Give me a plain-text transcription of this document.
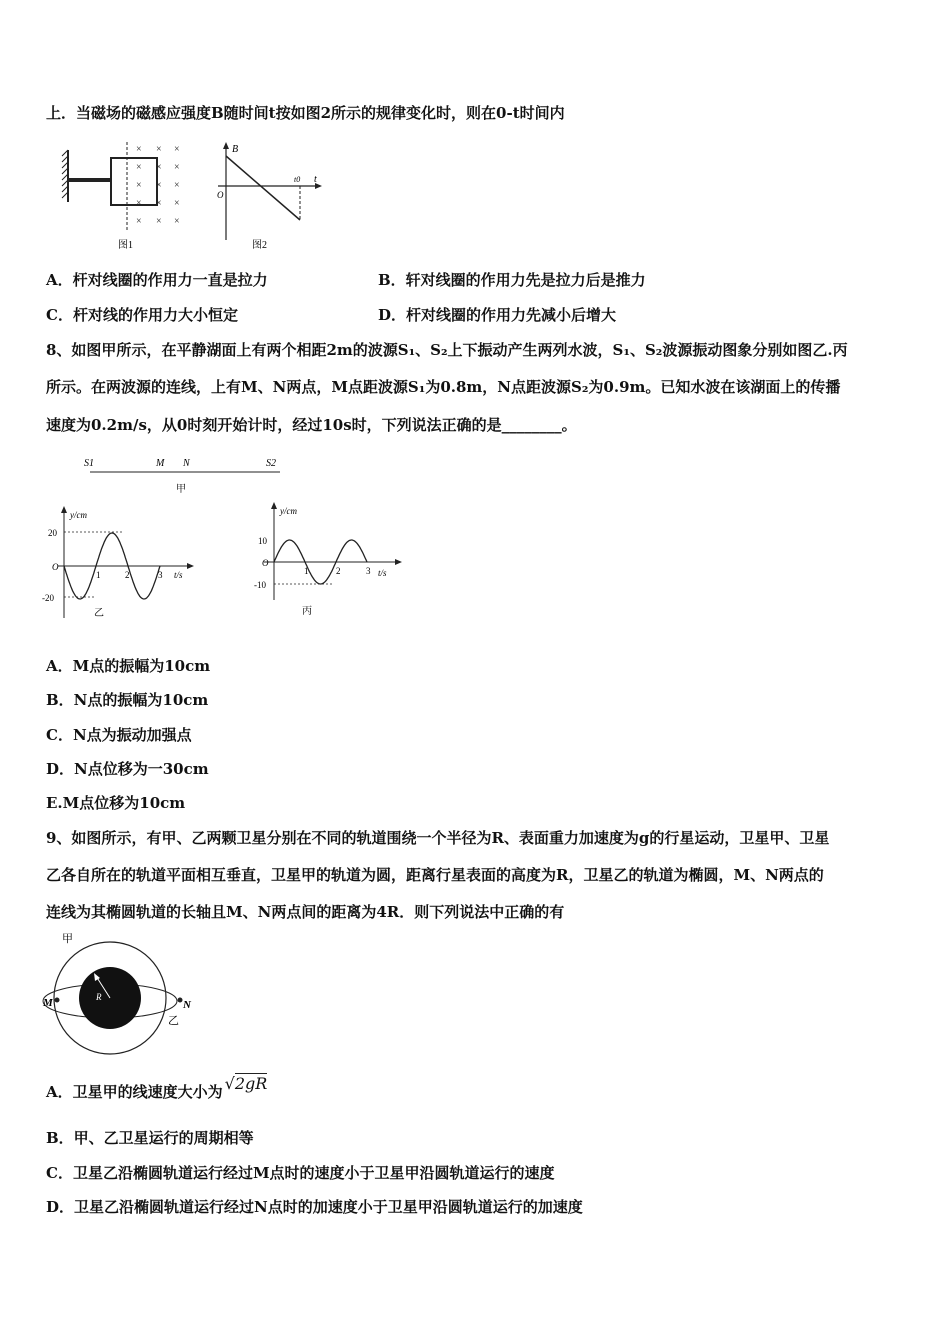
上．当磁场的磁感应强度B随时间t按如图2所示的规律变化时，则在0-t时间内
× × ×
× × ×
× × ×
× × ×
× × ×
图1
B
t
O
t0
图2
A．杆对线圈的作用力一直是拉力	B．轩对线圈的作用力先是拉力后是推力
C．杆对线的作用力大小恒定	D．杆对线圈的作用力先减小后增大
8、如图甲所示，在平静湖面上有两个相距2m的波源S₁、S₂上下振动产生两列水波，S₁、S₂波源振动图象分别如图乙.丙
所示。在两波源的连线，上有M、N两点，M点距波源S₁为0.8m，N点距波源S₂为0.9m。已知水波在该湖面上的传播
速度为0.2m/s，从0时刻开始计时，经过10s时，下列说法正确的是________。
S1	M N	S2
甲
y/cm
t/s
O
20
-20
1	2	3
乙
y/cm
t/s
O
10
-10
1	2	3
丙
A．M点的振幅为10cm
B．N点的振幅为10cm
C．N点为振动加强点
D．N点位移为一30cm
E.M点位移为10cm
9、如图所示，有甲、乙两颗卫星分别在不同的轨道围绕一个半径为R、表面重力加速度为g的行星运动，卫星甲、卫星
乙各自所在的轨道平面相互垂直，卫星甲的轨道为圆，距离行星表面的高度为R，卫星乙的轨道为椭圆，M、N两点的
连线为其椭圆轨道的长轴且M、N两点间的距离为4R．则下列说法中正确的有
R
M	N
甲
乙
A．卫星甲的线速度大小为 √2gR
B．甲、乙卫星运行的周期相等
C．卫星乙沿椭圆轨道运行经过M点时的速度小于卫星甲沿圆轨道运行的速度
D．卫星乙沿椭圆轨道运行经过N点时的加速度小于卫星甲沿圆轨道运行的加速度
